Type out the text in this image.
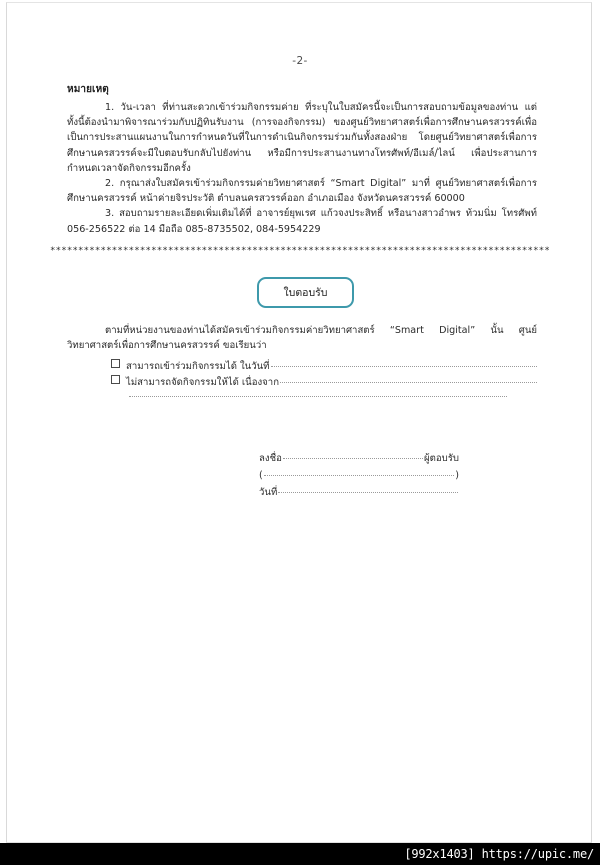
-2-
หมายเหตุ

1. วัน-เวลา ที่ท่านสะดวกเข้าร่วมกิจกรรมค่าย ที่ระบุในใบสมัครนี้จะเป็นการสอบถามข้อมูลของท่าน แต่ทั้งนี้ต้องนำมาพิจารณาร่วมกับปฏิทินรับงาน (การจองกิจกรรม) ของศูนย์วิทยาศาสตร์เพื่อการศึกษานครสวรรค์เพื่อเป็นการประสานแผนงานในการกำหนดวันที่ในการดำเนินกิจกรรมร่วมกันทั้งสองฝ่าย โดยศูนย์วิทยาศาสตร์เพื่อการศึกษานครสวรรค์จะมีใบตอบรับกลับไปยังท่าน หรือมีการประสานงานทางโทรศัพท์/อีเมล์/ไลน์ เพื่อประสานการกำหนดเวลาจัดกิจกรรมอีกครั้ง

2. กรุณาส่งใบสมัครเข้าร่วมกิจกรรมค่ายวิทยาศาสตร์ “Smart Digital” มาที่ ศูนย์วิทยาศาสตร์เพื่อการศึกษานครสวรรค์ หน้าค่ายจิรประวัติ ตำบลนครสวรรค์ออก อำเภอเมือง จังหวัดนครสวรรค์ 60000

3. สอบถามรายละเอียดเพิ่มเติมได้ที่ อาจารย์ยุพเรศ แก้วจงประสิทธิ์ หรือนางสาวอำพร ท้วมนิ่ม โทรศัพท์ 056-256522 ต่อ 14 มือถือ 085-8735502, 084-5954229

*****************************************************************************************
ใบตอบรับ

ตามที่หน่วยงานของท่านได้สมัครเข้าร่วมกิจกรรมค่ายวิทยาศาสตร์ “Smart Digital” นั้น ศูนย์วิทยาศาสตร์เพื่อการศึกษานครสวรรค์ ขอเรียนว่า

สามารถเข้าร่วมกิจกรรมได้ ในวันที่
ไม่สามารถจัดกิจกรรมให้ได้ เนื่องจาก
ลงชื่อ	ผู้ตอบรับ
(	)
วันที่
[992x1403] https://upic.me/
